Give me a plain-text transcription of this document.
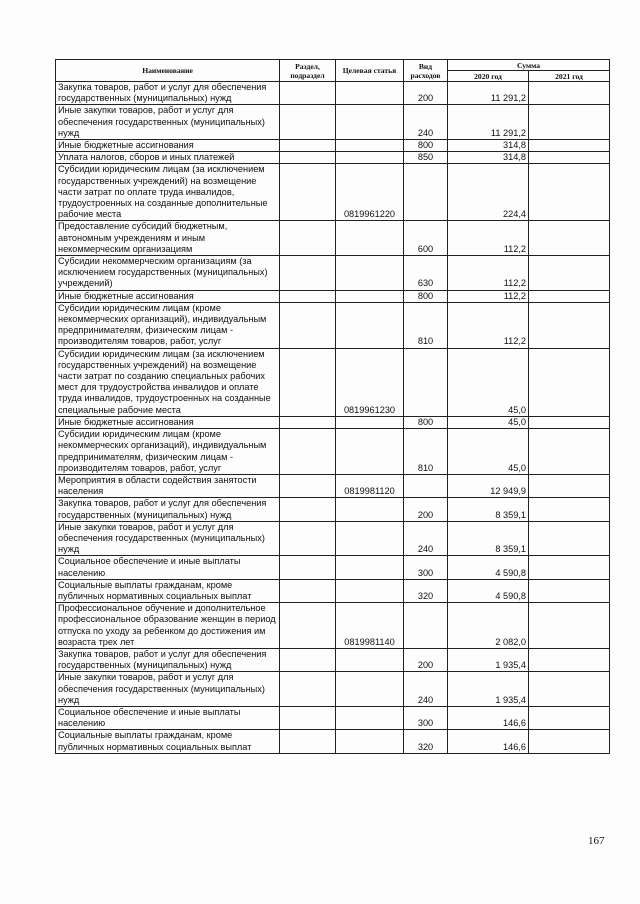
Наименование	Раздел, подраздел	Целевая статья	Вид расходов	Сумма	
				2020 год	2021 год
Закупка товаров, работ и услуг для обеспечения государственных (муниципальных) нужд			200	11 291,2	
Иные закупки товаров, работ и услуг для обеспечения государственных (муниципальных) нужд			240	11 291,2	
Иные бюджетные ассигнования			800	314,8	
Уплата налогов, сборов и иных платежей			850	314,8	
Субсидии юридическим лицам (за исключением государственных учреждений) на возмещение части затрат по оплате труда инвалидов, трудоустроенных на созданные дополнительные рабочие места		0819961220		224,4	
Предоставление субсидий бюджетным, автономным учреждениям и иным некоммерческим организациям			600	112,2	
Субсидии некоммерческим организациям (за исключением государственных (муниципальных) учреждений)			630	112,2	
Иные бюджетные ассигнования			800	112,2	
Субсидии юридическим лицам (кроме некоммерческих организаций), индивидуальным предпринимателям, физическим лицам - производителям товаров, работ, услуг			810	112,2	
Субсидии юридическим лицам (за исключением государственных учреждений) на возмещение части затрат по созданию специальных рабочих мест для трудоустройства инвалидов и оплате труда инвалидов, трудоустроенных на созданные специальные рабочие места		0819961230		45,0	
Иные бюджетные ассигнования			800	45,0	
Субсидии юридическим лицам (кроме некоммерческих организаций), индивидуальным предпринимателям, физическим лицам - производителям товаров, работ, услуг			810	45,0	
Мероприятия в области содействия занятости населения		0819981120		12 949,9	
Закупка товаров, работ и услуг для обеспечения государственных (муниципальных) нужд			200	8 359,1	
Иные закупки товаров, работ и услуг для обеспечения государственных (муниципальных) нужд			240	8 359,1	
Социальное обеспечение и иные выплаты населению			300	4 590,8	
Социальные выплаты гражданам, кроме публичных нормативных социальных выплат			320	4 590,8	
Профессиональное обучение и дополнительное профессиональное образование женщин в период отпуска по уходу за ребенком до достижения им возраста трех лет		0819981140		2 082,0	
Закупка товаров, работ и услуг для обеспечения государственных (муниципальных) нужд			200	1 935,4	
Иные закупки товаров, работ и услуг для обеспечения государственных (муниципальных) нужд			240	1 935,4	
Социальное обеспечение и иные выплаты населению			300	146,6	
Социальные выплаты гражданам, кроме публичных нормативных социальных выплат			320	146,6	
167
